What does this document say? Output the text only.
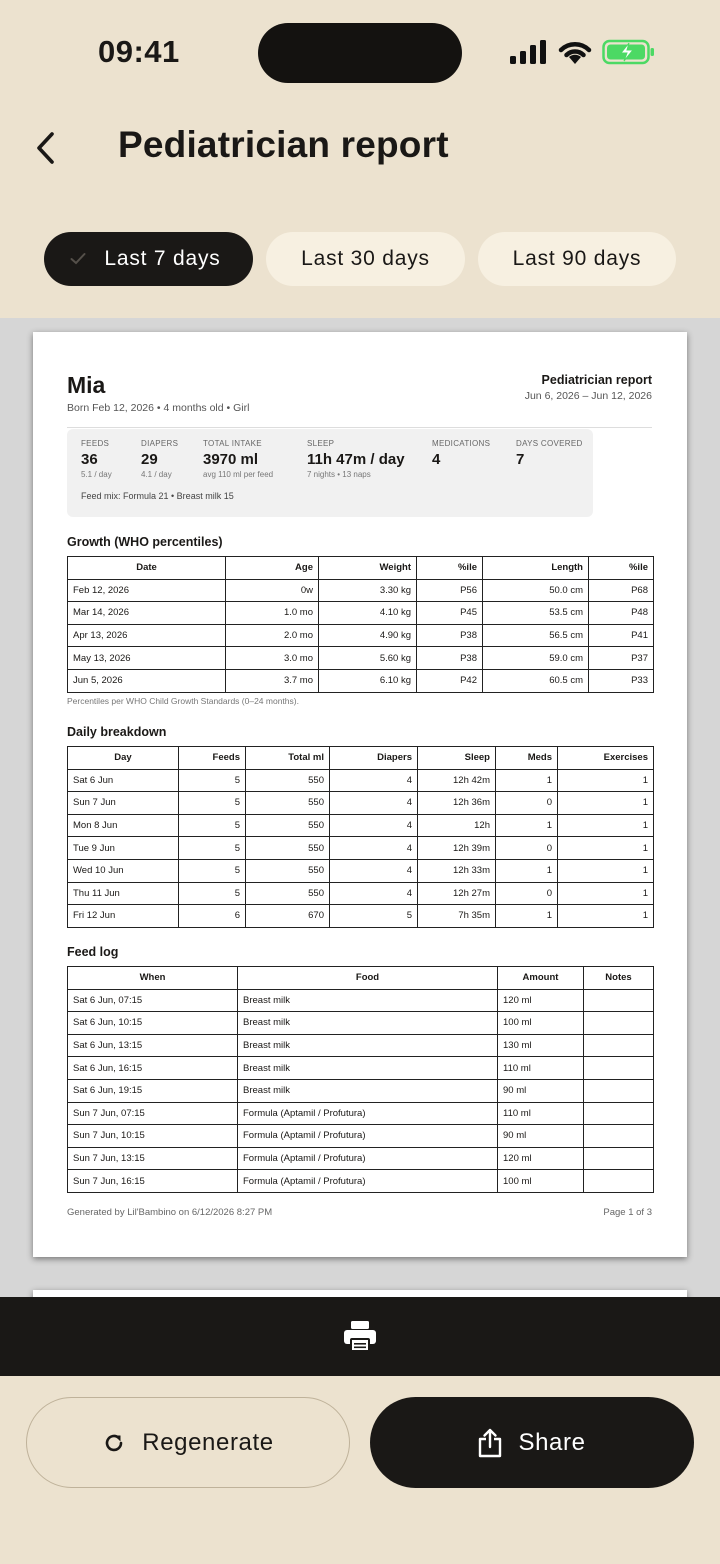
09:41
Pediatrician report
Last 7 days	Last 30 days	Last 90 days
Mia
Born Feb 12, 2026 • 4 months old • Girl
Pediatrician report
Jun 6, 2026 – Jun 12, 2026
FEEDS
36
5.1 / day
DIAPERS
29
4.1 / day
TOTAL INTAKE
3970 ml
avg 110 ml per feed
SLEEP
11h 47m / day
7 nights • 13 naps
MEDICATIONS
4
DAYS COVERED
7
Feed mix: Formula 21 • Breast milk 15
Growth (WHO percentiles)
Date	Age	Weight	%ile	Length	%ile
Feb 12, 2026	0w	3.30 kg	P56	50.0 cm	P68
Mar 14, 2026	1.0 mo	4.10 kg	P45	53.5 cm	P48
Apr 13, 2026	2.0 mo	4.90 kg	P38	56.5 cm	P41
May 13, 2026	3.0 mo	5.60 kg	P38	59.0 cm	P37
Jun 5, 2026	3.7 mo	6.10 kg	P42	60.5 cm	P33
Percentiles per WHO Child Growth Standards (0–24 months).
Daily breakdown
Day	Feeds	Total ml	Diapers	Sleep	Meds	Exercises
Sat 6 Jun	5	550	4	12h 42m	1	1
Sun 7 Jun	5	550	4	12h 36m	0	1
Mon 8 Jun	5	550	4	12h	1	1
Tue 9 Jun	5	550	4	12h 39m	0	1
Wed 10 Jun	5	550	4	12h 33m	1	1
Thu 11 Jun	5	550	4	12h 27m	0	1
Fri 12 Jun	6	670	5	7h 35m	1	1
Feed log
When	Food	Amount	Notes
Sat 6 Jun, 07:15	Breast milk	120 ml	
Sat 6 Jun, 10:15	Breast milk	100 ml	
Sat 6 Jun, 13:15	Breast milk	130 ml	
Sat 6 Jun, 16:15	Breast milk	110 ml	
Sat 6 Jun, 19:15	Breast milk	90 ml	
Sun 7 Jun, 07:15	Formula (Aptamil / Profutura)	110 ml	
Sun 7 Jun, 10:15	Formula (Aptamil / Profutura)	90 ml	
Sun 7 Jun, 13:15	Formula (Aptamil / Profutura)	120 ml	
Sun 7 Jun, 16:15	Formula (Aptamil / Profutura)	100 ml	
Generated by Lil'Bambino on 6/12/2026 8:27 PM	Page 1 of 3
Regenerate	Share
